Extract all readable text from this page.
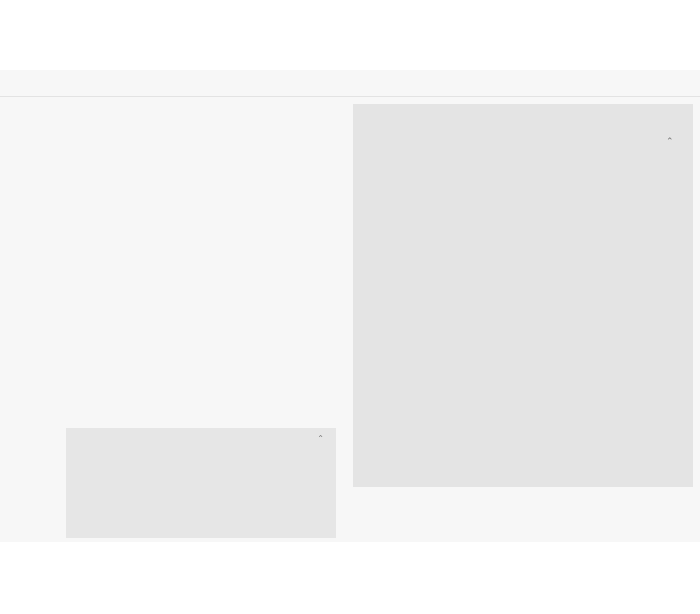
⌃
⌃
